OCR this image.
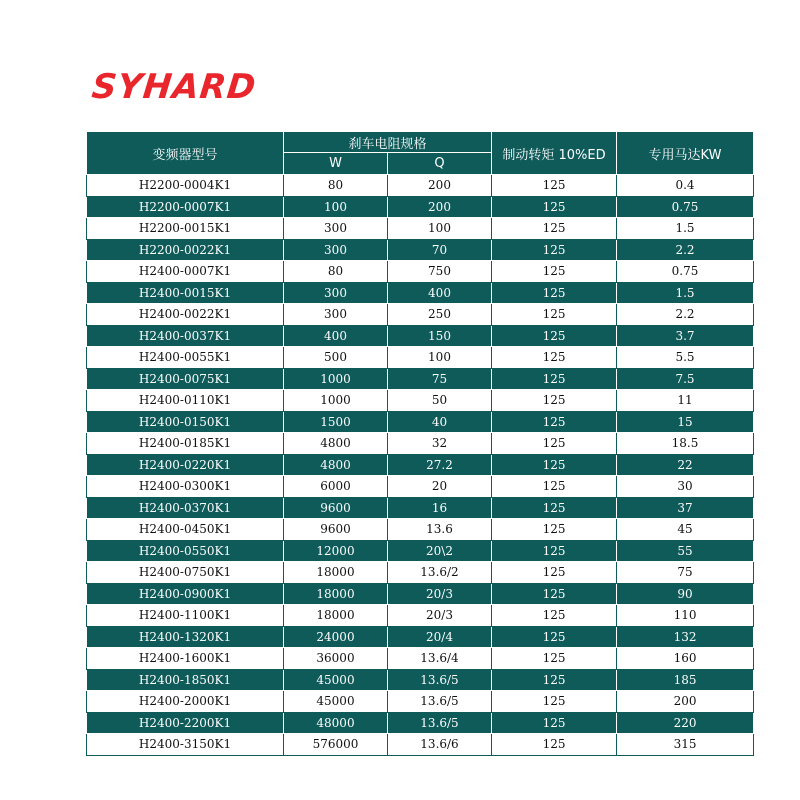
SYHARD
变频器型号	刹车电阻规格		制动转矩 10%ED	专用马达KW
	W	Q		
H2200-0004K1	80	200	125	0.4
H2200-0007K1	100	200	125	0.75
H2200-0015K1	300	100	125	1.5
H2200-0022K1	300	70	125	2.2
H2400-0007K1	80	750	125	0.75
H2400-0015K1	300	400	125	1.5
H2400-0022K1	300	250	125	2.2
H2400-0037K1	400	150	125	3.7
H2400-0055K1	500	100	125	5.5
H2400-0075K1	1000	75	125	7.5
H2400-0110K1	1000	50	125	11
H2400-0150K1	1500	40	125	15
H2400-0185K1	4800	32	125	18.5
H2400-0220K1	4800	27.2	125	22
H2400-0300K1	6000	20	125	30
H2400-0370K1	9600	16	125	37
H2400-0450K1	9600	13.6	125	45
H2400-0550K1	12000	20\2	125	55
H2400-0750K1	18000	13.6/2	125	75
H2400-0900K1	18000	20/3	125	90
H2400-1100K1	18000	20/3	125	110
H2400-1320K1	24000	20/4	125	132
H2400-1600K1	36000	13.6/4	125	160
H2400-1850K1	45000	13.6/5	125	185
H2400-2000K1	45000	13.6/5	125	200
H2400-2200K1	48000	13.6/5	125	220
H2400-3150K1	576000	13.6/6	125	315
